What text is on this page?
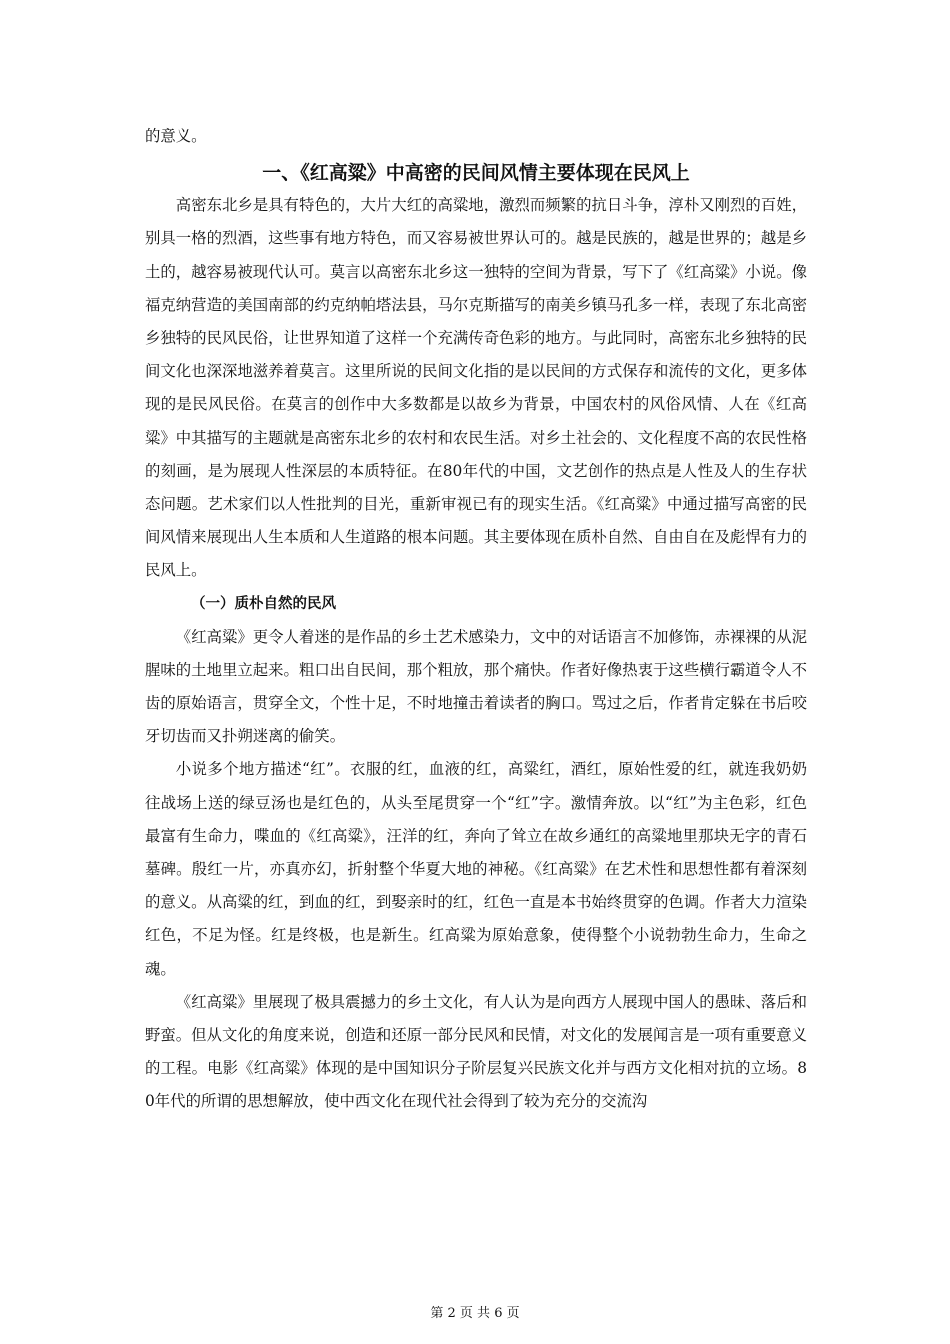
的意义。

一、《红高粱》中高密的民间风情主要体现在民风上

高密东北乡是具有特色的，大片大红的高粱地，激烈而频繁的抗日斗争，淳朴又刚烈的百姓，别具一格的烈酒，这些事有地方特色，而又容易被世界认可的。越是民族的，越是世界的；越是乡土的，越容易被现代认可。莫言以高密东北乡这一独特的空间为背景，写下了《红高粱》小说。像福克纳营造的美国南部的约克纳帕塔法县，马尔克斯描写的南美乡镇马孔多一样，表现了东北高密乡独特的民风民俗，让世界知道了这样一个充满传奇色彩的地方。与此同时，高密东北乡独特的民间文化也深深地滋养着莫言。这里所说的民间文化指的是以民间的方式保存和流传的文化，更多体现的是民风民俗。在莫言的创作中大多数都是以故乡为背景，中国农村的风俗风情、人在《红高粱》中其描写的主题就是高密东北乡的农村和农民生活。对乡土社会的、文化程度不高的农民性格的刻画，是为展现人性深层的本质特征。在80年代的中国，文艺创作的热点是人性及人的生存状态问题。艺术家们以人性批判的目光，重新审视已有的现实生活。《红高粱》中通过描写高密的民间风情来展现出人生本质和人生道路的根本问题。其主要体现在质朴自然、自由自在及彪悍有力的民风上。

（一）质朴自然的民风

《红高粱》更令人着迷的是作品的乡土艺术感染力，文中的对话语言不加修饰，赤裸裸的从泥腥味的土地里立起来。粗口出自民间，那个粗放，那个痛快。作者好像热衷于这些横行霸道令人不齿的原始语言，贯穿全文，个性十足，不时地撞击着读者的胸口。骂过之后，作者肯定躲在书后咬牙切齿而又扑朔迷离的偷笑。

小说多个地方描述“红”。衣服的红，血液的红，高粱红，酒红，原始性爱的红，就连我奶奶往战场上送的绿豆汤也是红色的，从头至尾贯穿一个“红”字。激情奔放。以“红”为主色彩，红色最富有生命力，喋血的《红高粱》，汪洋的红，奔向了耸立在故乡通红的高粱地里那块无字的青石墓碑。殷红一片，亦真亦幻，折射整个华夏大地的神秘。《红高粱》在艺术性和思想性都有着深刻的意义。从高粱的红，到血的红，到娶亲时的红，红色一直是本书始终贯穿的色调。作者大力渲染红色，不足为怪。红是终极，也是新生。红高粱为原始意象，使得整个小说勃勃生命力，生命之魂。

《红高粱》里展现了极具震撼力的乡土文化，有人认为是向西方人展现中国人的愚昧、落后和野蛮。但从文化的角度来说，创造和还原一部分民风和民情，对文化的发展闻言是一项有重要意义的工程。电影《红高粱》体现的是中国知识分子阶层复兴民族文化并与西方文化相对抗的立场。80年代的所谓的思想解放，使中西文化在现代社会得到了较为充分的交流沟

第 2 页 共 6 页
